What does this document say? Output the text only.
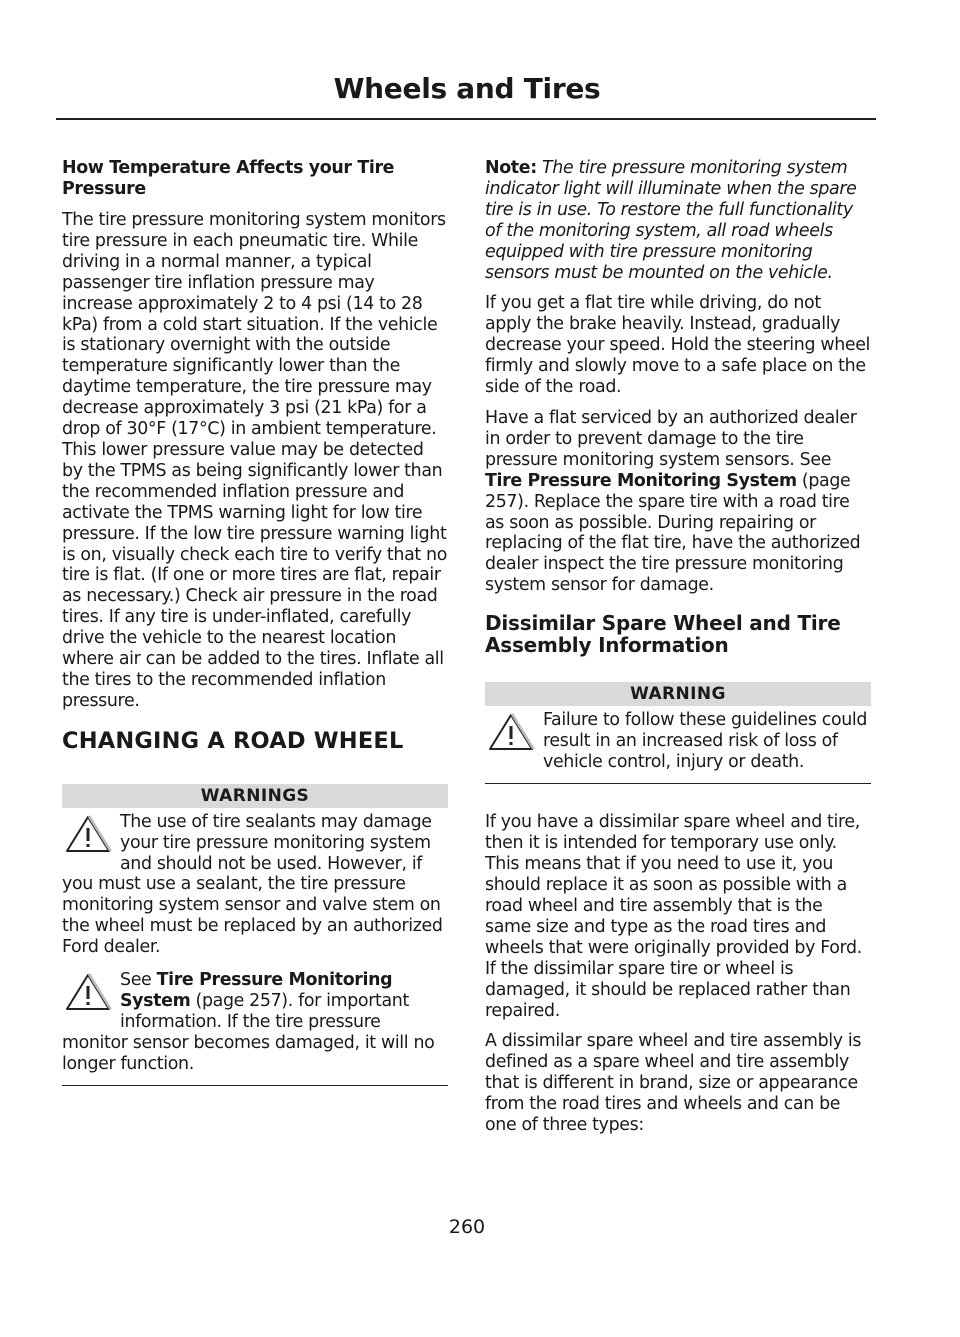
Wheels and Tires

How Temperature Affects your Tire Pressure

The tire pressure monitoring system monitors tire pressure in each pneumatic tire. While driving in a normal manner, a typical passenger tire inflation pressure may increase approximately 2 to 4 psi (14 to 28 kPa) from a cold start situation. If the vehicle is stationary overnight with the outside temperature significantly lower than the daytime temperature, the tire pressure may decrease approximately 3 psi (21 kPa) for a drop of 30°F (17°C) in ambient temperature. This lower pressure value may be detected by the TPMS as being significantly lower than the recommended inflation pressure and activate the TPMS warning light for low tire pressure. If the low tire pressure warning light is on, visually check each tire to verify that no tire is flat. (If one or more tires are flat, repair as necessary.) Check air pressure in the road tires. If any tire is under-inflated, carefully drive the vehicle to the nearest location where air can be added to the tires. Inflate all the tires to the recommended inflation pressure.

CHANGING A ROAD WHEEL
WARNINGS

The use of tire sealants may damage your tire pressure monitoring system and should not be used. However, if you must use a sealant, the tire pressure monitoring system sensor and valve stem on the wheel must be replaced by an authorized Ford dealer.

See Tire Pressure Monitoring System (page 257). for important information. If the tire pressure monitor sensor becomes damaged, it will no longer function.

Note: The tire pressure monitoring system indicator light will illuminate when the spare tire is in use. To restore the full functionality of the monitoring system, all road wheels equipped with tire pressure monitoring sensors must be mounted on the vehicle.

If you get a flat tire while driving, do not apply the brake heavily. Instead, gradually decrease your speed. Hold the steering wheel firmly and slowly move to a safe place on the side of the road.

Have a flat serviced by an authorized dealer in order to prevent damage to the tire pressure monitoring system sensors. See Tire Pressure Monitoring System (page 257). Replace the spare tire with a road tire as soon as possible. During repairing or replacing of the flat tire, have the authorized dealer inspect the tire pressure monitoring system sensor for damage.

Dissimilar Spare Wheel and Tire Assembly Information
WARNING

Failure to follow these guidelines could result in an increased risk of loss of vehicle control, injury or death.

If you have a dissimilar spare wheel and tire, then it is intended for temporary use only. This means that if you need to use it, you should replace it as soon as possible with a road wheel and tire assembly that is the same size and type as the road tires and wheels that were originally provided by Ford. If the dissimilar spare tire or wheel is damaged, it should be replaced rather than repaired.

A dissimilar spare wheel and tire assembly is defined as a spare wheel and tire assembly that is different in brand, size or appearance from the road tires and wheels and can be one of three types:

260
